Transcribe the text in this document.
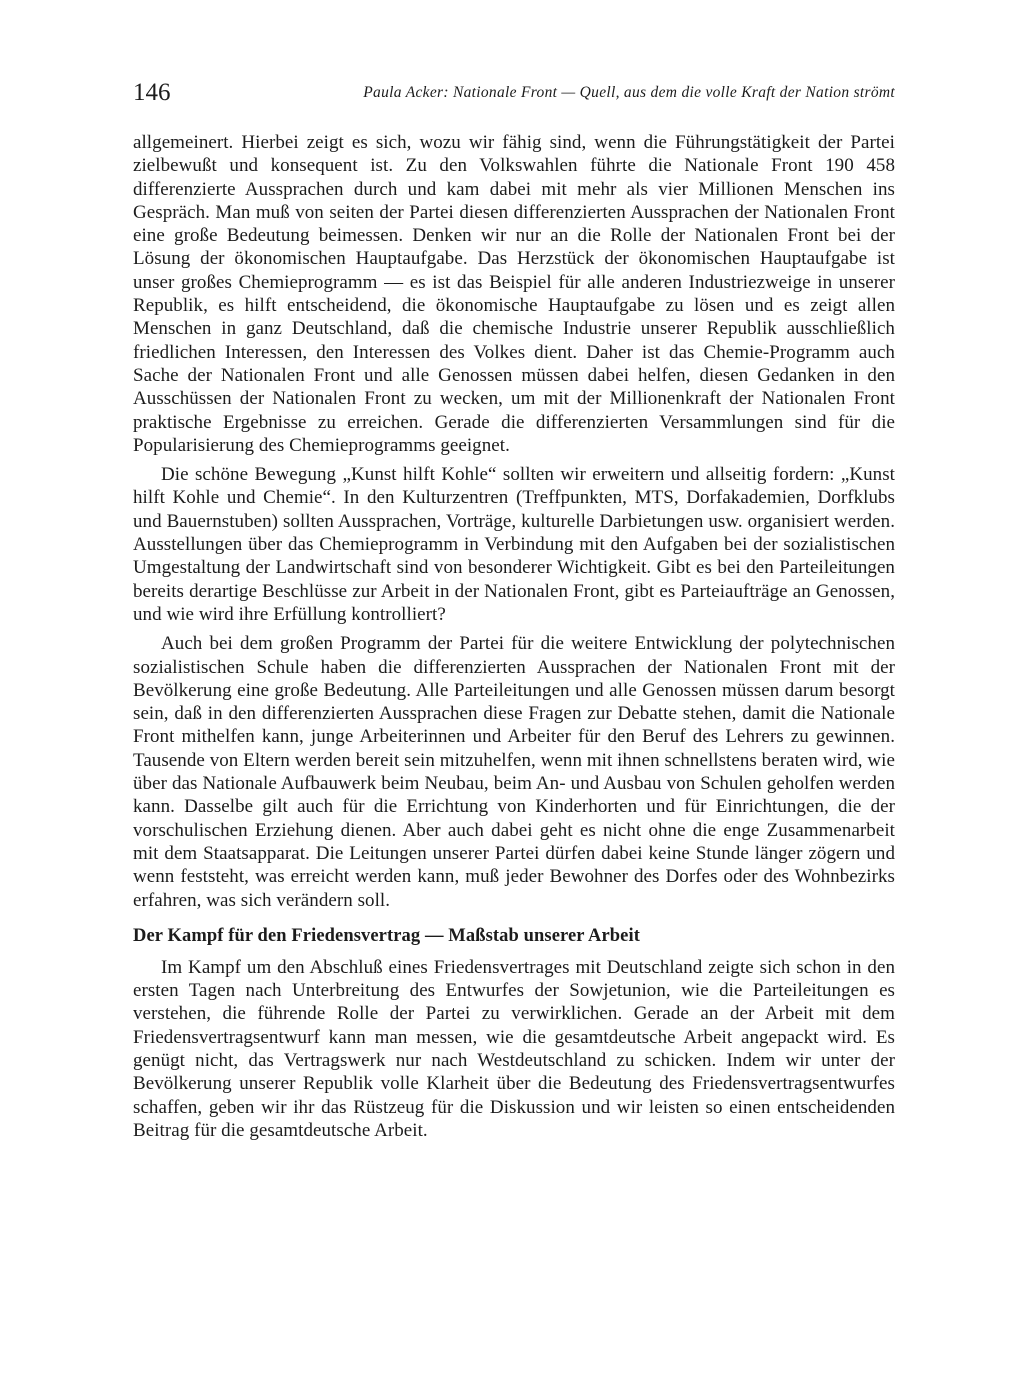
146	Paula Acker: Nationale Front — Quell, aus dem die volle Kraft der Nation strömt

allgemeinert. Hierbei zeigt es sich, wozu wir fähig sind, wenn die Führungstätigkeit der Partei zielbewußt und konsequent ist. Zu den Volkswahlen führte die Nationale Front 190 458 differenzierte Aussprachen durch und kam dabei mit mehr als vier Millionen Menschen ins Gespräch. Man muß von seiten der Partei diesen differenzierten Aussprachen der Nationalen Front eine große Bedeutung beimessen. Denken wir nur an die Rolle der Nationalen Front bei der Lösung der ökonomischen Hauptaufgabe. Das Herzstück der ökonomischen Hauptaufgabe ist unser großes Chemieprogramm — es ist das Beispiel für alle anderen Industriezweige in unserer Republik, es hilft entscheidend, die ökonomische Hauptaufgabe zu lösen und es zeigt allen Menschen in ganz Deutschland, daß die chemische Industrie unserer Republik ausschließlich friedlichen Interessen, den Interessen des Volkes dient. Daher ist das Chemie-Programm auch Sache der Nationalen Front und alle Genossen müssen dabei helfen, diesen Gedanken in den Ausschüssen der Nationalen Front zu wecken, um mit der Millionenkraft der Nationalen Front praktische Ergebnisse zu erreichen. Gerade die differenzierten Versammlungen sind für die Popularisierung des Chemieprogramms geeignet.

Die schöne Bewegung „Kunst hilft Kohle“ sollten wir erweitern und allseitig fordern: „Kunst hilft Kohle und Chemie“. In den Kulturzentren (Treffpunkten, MTS, Dorfakademien, Dorfklubs und Bauernstuben) sollten Aussprachen, Vorträge, kulturelle Darbietungen usw. organisiert werden. Ausstellungen über das Chemieprogramm in Verbindung mit den Aufgaben bei der sozialistischen Umgestaltung der Landwirtschaft sind von besonderer Wichtigkeit. Gibt es bei den Parteileitungen bereits derartige Beschlüsse zur Arbeit in der Nationalen Front, gibt es Parteiaufträge an Genossen, und wie wird ihre Erfüllung kontrolliert?

Auch bei dem großen Programm der Partei für die weitere Entwicklung der polytechnischen sozialistischen Schule haben die differenzierten Aussprachen der Nationalen Front mit der Bevölkerung eine große Bedeutung. Alle Parteileitungen und alle Genossen müssen darum besorgt sein, daß in den differenzierten Aussprachen diese Fragen zur Debatte stehen, damit die Nationale Front mithelfen kann, junge Arbeiterinnen und Arbeiter für den Beruf des Lehrers zu gewinnen. Tausende von Eltern werden bereit sein mitzuhelfen, wenn mit ihnen schnellstens beraten wird, wie über das Nationale Aufbauwerk beim Neubau, beim An- und Ausbau von Schulen geholfen werden kann. Dasselbe gilt auch für die Errichtung von Kinderhorten und für Einrichtungen, die der vorschulischen Erziehung dienen. Aber auch dabei geht es nicht ohne die enge Zusammenarbeit mit dem Staatsapparat. Die Leitungen unserer Partei dürfen dabei keine Stunde länger zögern und wenn feststeht, was erreicht werden kann, muß jeder Bewohner des Dorfes oder des Wohnbezirks erfahren, was sich verändern soll.

Der Kampf für den Friedensvertrag — Maßstab unserer Arbeit

Im Kampf um den Abschluß eines Friedensvertrages mit Deutschland zeigte sich schon in den ersten Tagen nach Unterbreitung des Entwurfes der Sowjetunion, wie die Parteileitungen es verstehen, die führende Rolle der Partei zu verwirklichen. Gerade an der Arbeit mit dem Friedensvertragsentwurf kann man messen, wie die gesamtdeutsche Arbeit angepackt wird. Es genügt nicht, das Vertragswerk nur nach Westdeutschland zu schicken. Indem wir unter der Bevölkerung unserer Republik volle Klarheit über die Bedeutung des Friedensvertragsentwurfes schaffen, geben wir ihr das Rüstzeug für die Diskussion und wir leisten so einen entscheidenden Beitrag für die gesamtdeutsche Arbeit.
